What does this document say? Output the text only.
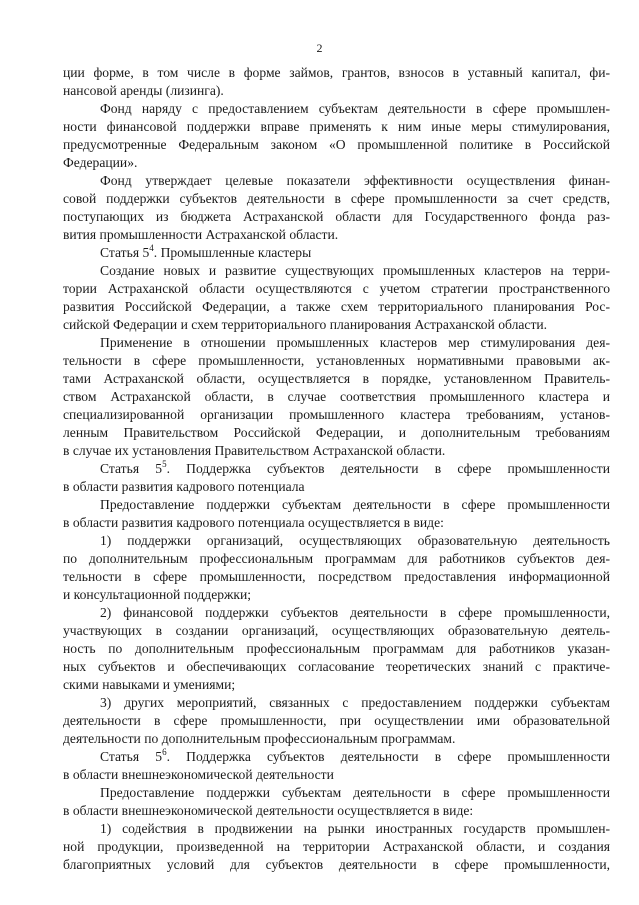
2
ции форме, в том числе в форме займов, грантов, взносов в уставный капитал, фи-
нансовой аренды (лизинга).
Фонд наряду с предоставлением субъектам деятельности в сфере промышлен-
ности финансовой поддержки вправе применять к ним иные меры стимулирования,
предусмотренные Федеральным законом «О промышленной политике в Российской
Федерации».
Фонд утверждает целевые показатели эффективности осуществления финан-
совой поддержки субъектов деятельности в сфере промышленности за счет средств,
поступающих из бюджета Астраханской области для Государственного фонда раз-
вития промышленности Астраханской области.
Статья $5^4$. Промышленные кластеры
Создание новых и развитие существующих промышленных кластеров на терри-
тории Астраханской области осуществляются с учетом стратегии пространственного
развития Российской Федерации, а также схем территориального планирования Рос-
сийской Федерации и схем территориального планирования Астраханской области.
Применение в отношении промышленных кластеров мер стимулирования дея-
тельности в сфере промышленности, установленных нормативными правовыми ак-
тами Астраханской области, осуществляется в порядке, установленном Правитель-
ством Астраханской области, в случае соответствия промышленного кластера и
специализированной организации промышленного кластера требованиям, установ-
ленным Правительством Российской Федерации, и дополнительным требованиям
в случае их установления Правительством Астраханской области.
Статья $5^5$. Поддержка субъектов деятельности в сфере промышленности
в области развития кадрового потенциала
Предоставление поддержки субъектам деятельности в сфере промышленности
в области развития кадрового потенциала осуществляется в виде:
1) поддержки организаций, осуществляющих образовательную деятельность
по дополнительным профессиональным программам для работников субъектов дея-
тельности в сфере промышленности, посредством предоставления информационной
и консультационной поддержки;
2) финансовой поддержки субъектов деятельности в сфере промышленности,
участвующих в создании организаций, осуществляющих образовательную деятель-
ность по дополнительным профессиональным программам для работников указан-
ных субъектов и обеспечивающих согласование теоретических знаний с практиче-
скими навыками и умениями;
3) других мероприятий, связанных с предоставлением поддержки субъектам
деятельности в сфере промышленности, при осуществлении ими образовательной
деятельности по дополнительным профессиональным программам.
Статья $5^6$. Поддержка субъектов деятельности в сфере промышленности
в области внешнеэкономической деятельности
Предоставление поддержки субъектам деятельности в сфере промышленности
в области внешнеэкономической деятельности осуществляется в виде:
1) содействия в продвижении на рынки иностранных государств промышлен-
ной продукции, произведенной на территории Астраханской области, и создания
благоприятных условий для субъектов деятельности в сфере промышленности,
